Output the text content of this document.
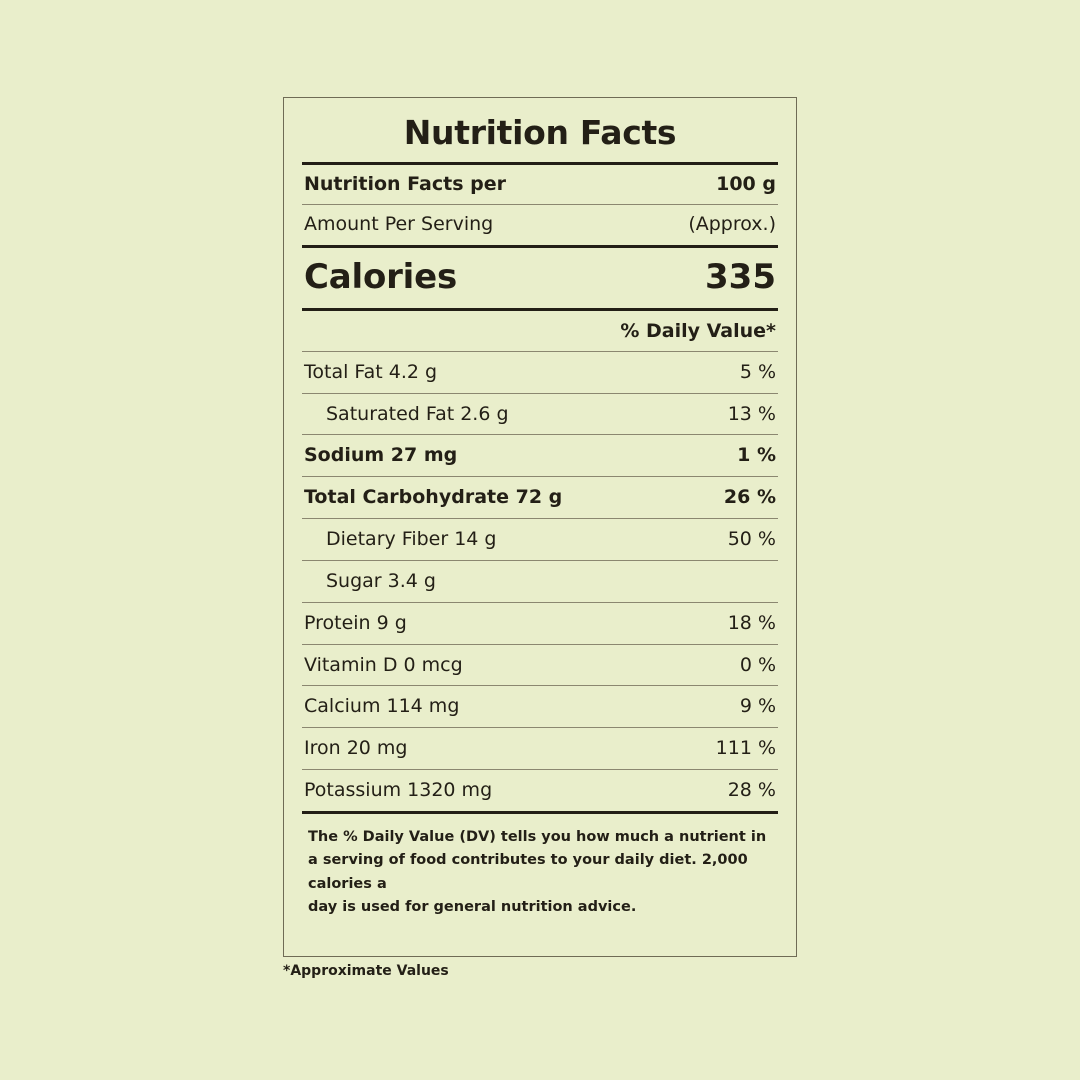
Nutrition Facts
Nutrition Facts per	100 g
Amount Per Serving	(Approx.)
Calories	335
% Daily Value*
Total Fat 4.2 g	5 %
Saturated Fat 2.6 g	13 %
Sodium 27 mg	1 %
Total Carbohydrate 72 g	26 %
Dietary Fiber 14 g	50 %
Sugar 3.4 g
Protein 9 g	18 %
Vitamin D 0 mcg	0 %
Calcium 114 mg	9 %
Iron 20 mg	111 %
Potassium 1320 mg	28 %
The % Daily Value (DV) tells you how much a nutrient in
a serving of food contributes to your daily diet. 2,000 calories a
day is used for general nutrition advice.
*Approximate Values
